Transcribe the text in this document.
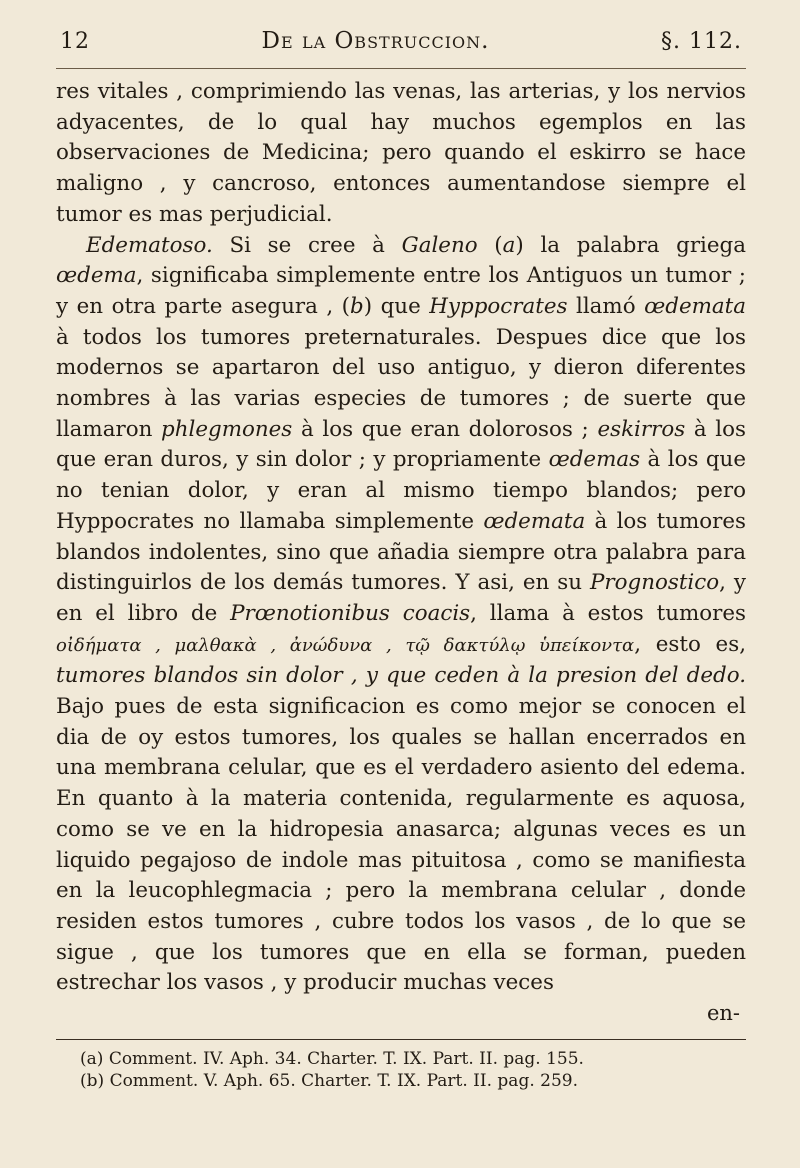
12	De la Obstruccion.	§. 112.

res vitales , comprimiendo las venas, las arterias, y los nervios adyacentes, de lo qual hay muchos egemplos en las observaciones de Medicina; pero quando el eskirro se hace maligno , y cancroso, entonces aumentandose siempre el tumor es mas perjudicial.

Edematoso. Si se cree à Galeno (a) la palabra griega œdema, significaba simplemente entre los Antiguos un tumor ; y en otra parte asegura , (b) que Hyppocrates llamó œdemata à todos los tumores preternaturales. Despues dice que los modernos se apartaron del uso antiguo, y dieron diferentes nombres à las varias especies de tumores ; de suerte que llamaron phlegmones à los que eran dolorosos ; eskirros à los que eran duros, y sin dolor ; y propriamente œdemas à los que no tenian dolor, y eran al mismo tiempo blandos; pero Hyppocrates no llamaba simplemente œdemata à los tumores blandos indolentes, sino que añadia siempre otra palabra para distinguirlos de los demás tumores. Y asi, en su Prognostico, y en el libro de Prœnotionibus coacis, llama à estos tumores οἰδήματα , μαλθακὰ , ἀνώδυνα , τῷ δακτύλῳ ὑπείκοντα, esto es, tumores blandos sin dolor , y que ceden à la presion del dedo. Bajo pues de esta significacion es como mejor se conocen el dia de oy estos tumores, los quales se hallan encerrados en una membrana celular, que es el verdadero asiento del edema. En quanto à la materia contenida, regularmente es aquosa, como se ve en la hidropesia anasarca; algunas veces es un liquido pegajoso de indole mas pituitosa , como se manifiesta en la leucophlegmacia ; pero la membrana celular , donde residen estos tumores , cubre todos los vasos , de lo que se sigue , que los tumores que en ella se forman, pueden estrechar los vasos , y producir muchas veces

en-
(a) Comment. IV. Aph. 34. Charter. T. IX. Part. II. pag. 155.
(b) Comment. V. Aph. 65. Charter. T. IX. Part. II. pag. 259.
